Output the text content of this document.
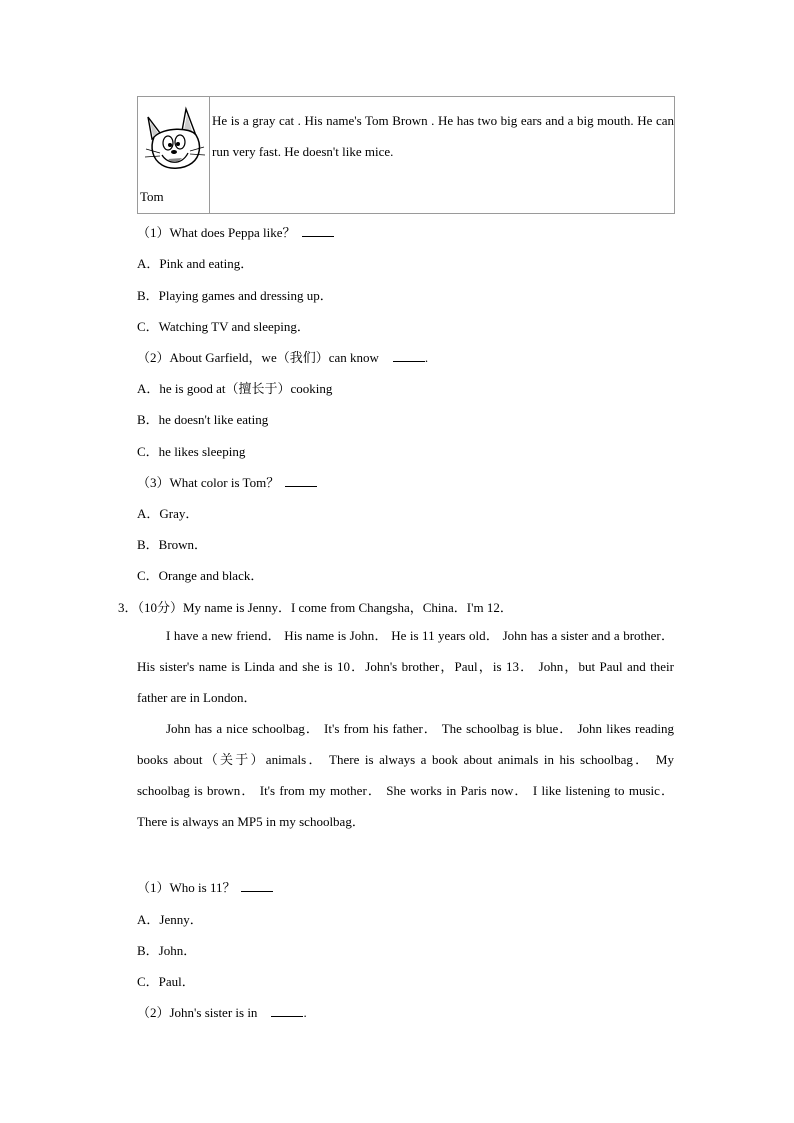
Tom
He is a gray cat . His name's Tom Brown . He has two big ears and a big mouth. He can run very fast. He doesn't like mice.
（1）What does Peppa like？
A．Pink and eating．
B．Playing games and dressing up．
C．Watching TV and sleeping．
（2）About Garfield，we（我们）can know	.
A．he is good at（擅长于）cooking
B．he doesn't like eating
C．he likes sleeping
（3）What color is Tom？
A．Gray．
B．Brown．
C．Orange and black．
3．（10分）My name is Jenny．I come from Changsha，China．I'm 12．
I have a new friend． His name is John． He is 11 years old． John has a sister and a brother． His sister's name is Linda and she is 10．John's brother，Paul，is 13． John，but Paul and their father are in London．
John has a nice schoolbag． It's from his father． The schoolbag is blue． John likes reading books about（关于）animals． There is always a book about animals in his schoolbag． My schoolbag is brown． It's from my mother． She works in Paris now． I like listening to music． There is always an MP5 in my schoolbag．
（1）Who is 11？
A．Jenny．
B．John．
C．Paul．
（2）John's sister is in	.
